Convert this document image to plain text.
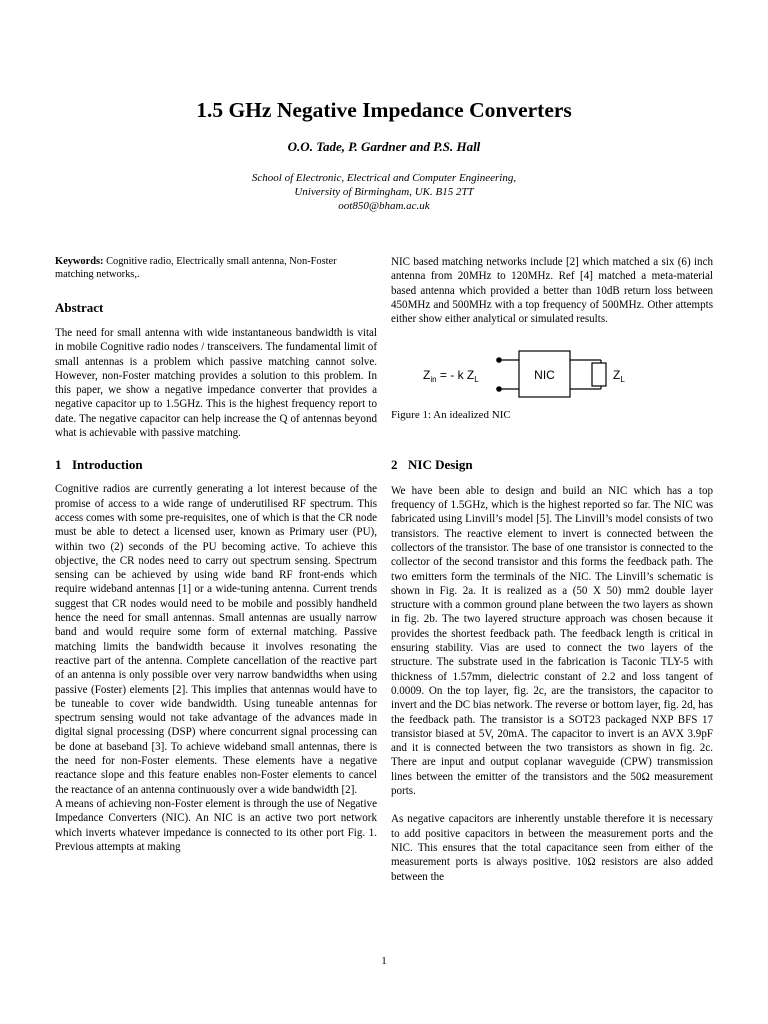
1.5 GHz Negative Impedance Converters
O.O. Tade, P. Gardner and P.S. Hall
School of Electronic, Electrical and Computer Engineering,
University of Birmingham, UK. B15 2TT
oot850@bham.ac.uk

Keywords: Cognitive radio, Electrically small antenna, Non-Foster matching networks,.

Abstract

The need for small antenna with wide instantaneous bandwidth is vital in mobile Cognitive radio nodes / transceivers. The fundamental limit of small antennas is a problem which passive matching cannot solve. However, non-Foster matching provides a solution to this problem. In this paper, we show a negative impedance converter that provides a negative capacitor up to 1.5GHz. This is the highest frequency report to date. The negative capacitor can help increase the Q of antennas beyond what is achievable with passive matching.

1 Introduction

Cognitive radios are currently generating a lot interest because of the promise of access to a wide range of underutilised RF spectrum. This access comes with some pre-requisites, one of which is that the CR node must be able to detect a licensed user, known as Primary user (PU), within two (2) seconds of the PU becoming active. To achieve this objective, the CR nodes need to carry out spectrum sensing. Spectrum sensing can be achieved by using wide band RF front-ends which require wideband antennas [1] or a wide-tuning antenna. Current trends suggest that CR nodes would need to be mobile and possibly handheld hence the need for small antennas. Small antennas are usually narrow band and would require some form of external matching. Passive matching limits the bandwidth because it involves resonating the reactive part of the antenna. Complete cancellation of the reactive part of an antenna is only possible over very narrow bandwidths when using passive (Foster) elements [2]. This implies that antennas would have to be tuneable to cover wide bandwidth. Using tuneable antennas for spectrum sensing would not take advantage of the advances made in digital signal processing (DSP) where concurrent signal processing can be done at baseband [3]. To achieve wideband small antennas, there is the need for non-Foster elements. These elements have a negative reactance slope and this feature enables non-Foster elements to cancel the reactance of an antenna continuously over a wide bandwidth [2].

A means of achieving non-Foster element is through the use of Negative Impedance Converters (NIC). An NIC is an active two port network which inverts whatever impedance is connected to its other port Fig. 1. Previous attempts at making

NIC based matching networks include [2] which matched a six (6) inch antenna from 20MHz to 120MHz. Ref [4] matched a meta-material based antenna which provided a better than 10dB return loss between 450MHz and 500MHz with a top frequency of 500MHz. Other attempts either show either analytical or simulated results.

$Z_{in}$ = - k $Z_L$	NIC	$Z_L$
Figure 1: An idealized NIC
2 NIC Design

We have been able to design and build an NIC which has a top frequency of 1.5GHz, which is the highest reported so far. The NIC was fabricated using Linvill’s model [5]. The Linvill’s model consists of two transistors. The reactive element to invert is connected between the collectors of the transistor. The base of one transistor is connected to the collector of the second transistor and this forms the feedback path. The two emitters form the terminals of the NIC. The Linvill’s schematic is shown in Fig. 2a. It is realized as a (50 X 50) mm2 double layer structure with a common ground plane between the two layers as shown in fig. 2b. The two layered structure approach was chosen because it provides the shortest feedback path. The feedback length is critical in ensuring stability. Vias are used to connect the two layers of the structure. The substrate used in the fabrication is Taconic TLY-5 with thickness of 1.57mm, dielectric constant of 2.2 and loss tangent of 0.0009. On the top layer, fig. 2c, are the transistors, the capacitor to invert and the DC bias network. The reverse or bottom layer, fig. 2d, has the feedback path. The transistor is a SOT23 packaged NXP BFS 17 transistor biased at 5V, 20mA. The capacitor to invert is an AVX 3.9pF and it is connected between the two transistors as shown in fig. 2c. There are input and output coplanar waveguide (CPW) transmission lines between the emitter of the transistors and the 50Ω measurement ports.

As negative capacitors are inherently unstable therefore it is necessary to add positive capacitors in between the measurement ports and the NIC. This ensures that the total capacitance seen from either of the measurement ports is always positive. 10Ω resistors are also added between the

1
